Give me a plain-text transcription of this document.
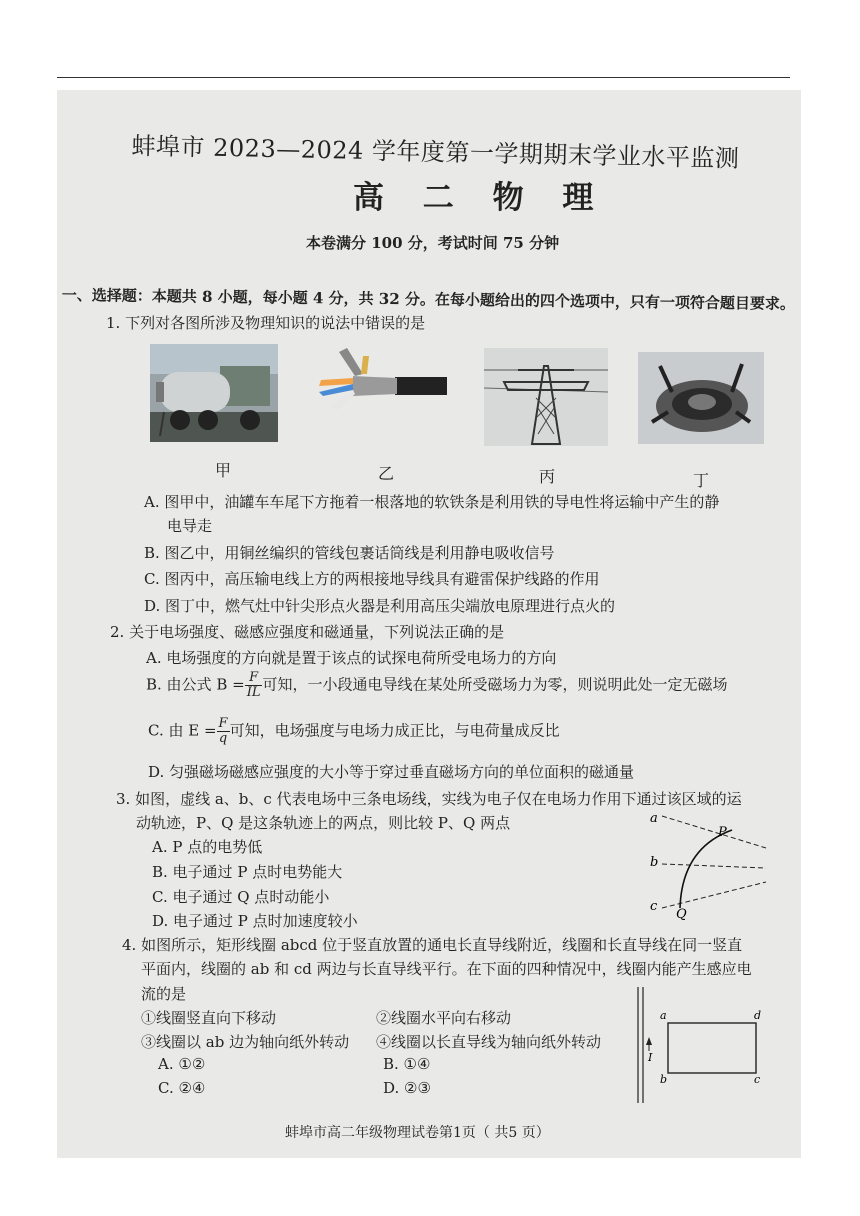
蚌埠市 2023—2024 学年度第一学期期末学业水平监测
高 二 物 理
本卷满分 100 分，考试时间 75 分钟
一、选择题：本题共 8 小题，每小题 4 分，共 32 分。在每小题给出的四个选项中，只有一项符合题目要求。
1. 下列对各图所涉及物理知识的说法中错误的是
甲	乙	丙	丁
A. 图甲中，油罐车车尾下方拖着一根落地的软铁条是利用铁的导电性将运输中产生的静
电导走
B. 图乙中，用铜丝编织的管线包裹话筒线是利用静电吸收信号
C. 图丙中，高压输电线上方的两根接地导线具有避雷保护线路的作用
D. 图丁中，燃气灶中针尖形点火器是利用高压尖端放电原理进行点火的
2. 关于电场强度、磁感应强度和磁通量，下列说法正确的是
A. 电场强度的方向就是置于该点的试探电荷所受电场力的方向
B. 由公式 $B = \frac{F}{IL}$ 可知，一小段通电导线在某处所受磁场力为零，则说明此处一定无磁场
C. 由 $E = \frac{F}{q}$ 可知，电场强度与电场力成正比，与电荷量成反比
D. 匀强磁场磁感应强度的大小等于穿过垂直磁场方向的单位面积的磁通量
3. 如图，虚线 a、b、c 代表电场中三条电场线，实线为电子仅在电场力作用下通过该区域的运
动轨迹，P、Q 是这条轨迹上的两点，则比较 P、Q 两点
A. P 点的电势低
B. 电子通过 P 点时电势能大
C. 电子通过 Q 点时动能小
D. 电子通过 P 点时加速度较小
a
b
c
P
Q
4. 如图所示，矩形线圈 abcd 位于竖直放置的通电长直导线附近，线圈和长直导线在同一竖直
平面内，线圈的 ab 和 cd 两边与长直导线平行。在下面的四种情况中，线圈内能产生感应电
流的是
①线圈竖直向下移动	②线圈水平向右移动
③线圈以 ab 边为轴向纸外转动 ④线圈以长直导线为轴向纸外转动
A. ①②	B. ①④
C. ②④	D. ②③
a
b	c
d
I
蚌埠市高二年级物理试卷第1页（ 共5 页）
